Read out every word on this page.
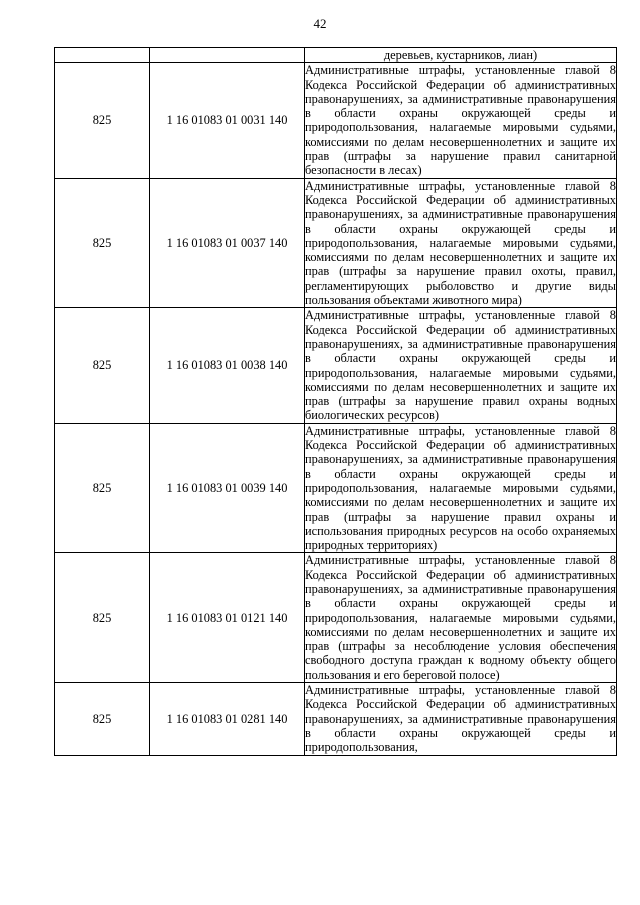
42
		деревьев, кустарников, лиан)
825	1 16 01083 01 0031 140	Административные штрафы, установленные главой 8 Кодекса Российской Федерации об административных правонарушениях, за административные правонарушения в области охраны окружающей среды и природопользования, налагаемые мировыми судьями, комиссиями по делам несовершеннолетних и защите их прав (штрафы за нарушение правил санитарной безопасности в лесах)
825	1 16 01083 01 0037 140	Административные штрафы, установленные главой 8 Кодекса Российской Федерации об административных правонарушениях, за административные правонарушения в области охраны окружающей среды и природопользования, налагаемые мировыми судьями, комиссиями по делам несовершеннолетних и защите их прав (штрафы за нарушение правил охоты, правил, регламентирующих рыболовство и другие виды пользования объектами животного мира)
825	1 16 01083 01 0038 140	Административные штрафы, установленные главой 8 Кодекса Российской Федерации об административных правонарушениях, за административные правонарушения в области охраны окружающей среды и природопользования, налагаемые мировыми судьями, комиссиями по делам несовершеннолетних и защите их прав (штрафы за нарушение правил охраны водных биологических ресурсов)
825	1 16 01083 01 0039 140	Административные штрафы, установленные главой 8 Кодекса Российской Федерации об административных правонарушениях, за административные правонарушения в области охраны окружающей среды и природопользования, налагаемые мировыми судьями, комиссиями по делам несовершеннолетних и защите их прав (штрафы за нарушение правил охраны и использования природных ресурсов на особо охраняемых природных территориях)
825	1 16 01083 01 0121 140	Административные штрафы, установленные главой 8 Кодекса Российской Федерации об административных правонарушениях, за административные правонарушения в области охраны окружающей среды и природопользования, налагаемые мировыми судьями, комиссиями по делам несовершеннолетних и защите их прав (штрафы за несоблюдение условия обеспечения свободного доступа граждан к водному объекту общего пользования и его береговой полосе)
825	1 16 01083 01 0281 140	Административные штрафы, установленные главой 8 Кодекса Российской Федерации об административных правонарушениях, за административные правонарушения в области охраны окружающей среды и природопользования,
